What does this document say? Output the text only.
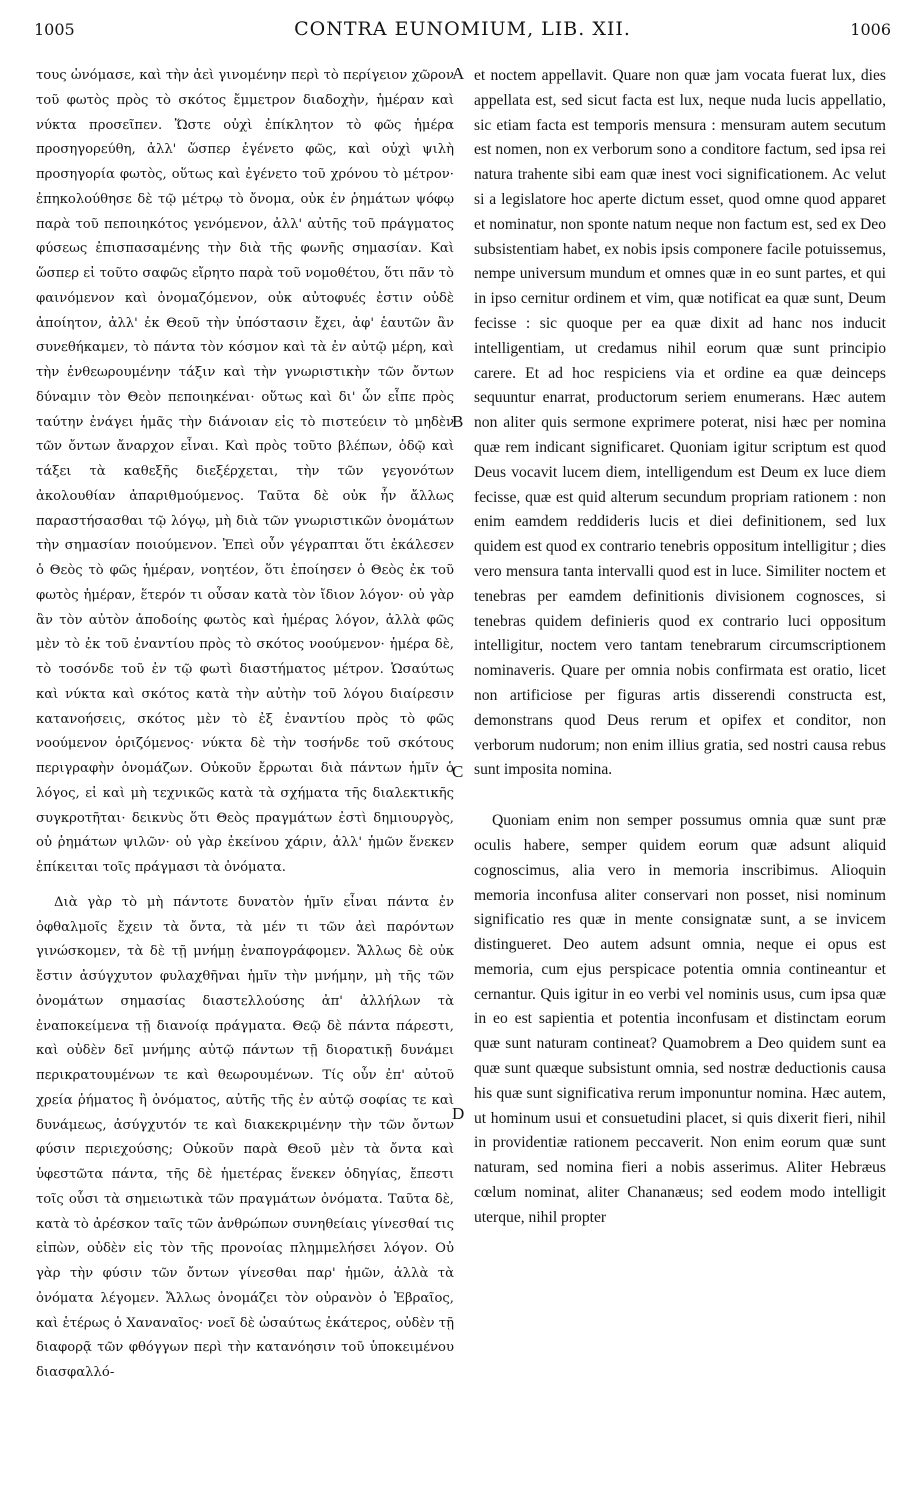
1005	CONTRA EUNOMIUM, LIB. XII.	1006

τους ὠνόμασε, καὶ τὴν ἀεὶ γινομένην περὶ τὸ περίγειον χῶρον τοῦ φωτὸς πρὸς τὸ σκότος ἔμμετρον διαδοχὴν, ἡμέραν καὶ νύκτα προσεῖπεν. Ὥστε οὐχὶ ἐπίκλητον τὸ φῶς ἡμέρα προσηγορεύθη, ἀλλ' ὥσπερ ἐγένετο φῶς, καὶ οὐχὶ ψιλὴ προσηγορία φωτὸς, οὕτως καὶ ἐγένετο τοῦ χρόνου τὸ μέτρον· ἐπηκολούθησε δὲ τῷ μέτρῳ τὸ ὄνομα, οὐκ ἐν ῥημάτων ψόφῳ παρὰ τοῦ πεποιηκότος γενόμενον, ἀλλ' αὐτῆς τοῦ πράγματος φύσεως ἐπισπασαμένης τὴν διὰ τῆς φωνῆς σημασίαν. Καὶ ὥσπερ εἰ τοῦτο σαφῶς εἴρητο παρὰ τοῦ νομοθέτου, ὅτι πᾶν τὸ φαινόμενον καὶ ὀνομαζόμενον, οὐκ αὐτοφυές ἐστιν οὐδὲ ἀποίητον, ἀλλ' ἐκ Θεοῦ τὴν ὑπόστασιν ἔχει, ἀφ' ἑαυτῶν ἂν συνεθήκαμεν, τὸ πάντα τὸν κόσμον καὶ τὰ ἐν αὐτῷ μέρη, καὶ τὴν ἐνθεωρουμένην τάξιν καὶ τὴν γνωριστικὴν τῶν ὄντων δύναμιν τὸν Θεὸν πεποιηκέναι· οὕτως καὶ δι' ὧν εἶπε πρὸς ταύτην ἐνάγει ἡμᾶς τὴν διάνοιαν εἰς τὸ πιστεύειν τὸ μηδὲν τῶν ὄντων ἄναρχον εἶναι. Καὶ πρὸς τοῦτο βλέπων, ὁδῷ καὶ τάξει τὰ καθεξῆς διεξέρχεται, τὴν τῶν γεγονότων ἀκολουθίαν ἀπαριθμούμενος. Ταῦτα δὲ οὐκ ἦν ἄλλως παραστήσασθαι τῷ λόγῳ, μὴ διὰ τῶν γνωριστικῶν ὀνομάτων τὴν σημασίαν ποιούμενον. Ἐπεὶ οὖν γέγραπται ὅτι ἐκάλεσεν ὁ Θεὸς τὸ φῶς ἡμέραν, νοητέον, ὅτι ἐποίησεν ὁ Θεὸς ἐκ τοῦ φωτὸς ἡμέραν, ἕτερόν τι οὖσαν κατὰ τὸν ἴδιον λόγον· οὐ γὰρ ἂν τὸν αὐτὸν ἀποδοίης φωτὸς καὶ ἡμέρας λόγον, ἀλλὰ φῶς μὲν τὸ ἐκ τοῦ ἐναντίου πρὸς τὸ σκότος νοούμενον· ἡμέρα δὲ, τὸ τοσόνδε τοῦ ἐν τῷ φωτὶ διαστήματος μέτρον. Ὡσαύτως καὶ νύκτα καὶ σκότος κατὰ τὴν αὐτὴν τοῦ λόγου διαίρεσιν κατανοήσεις, σκότος μὲν τὸ ἐξ ἐναντίου πρὸς τὸ φῶς νοούμενον ὁριζόμενος· νύκτα δὲ τὴν τοσήνδε τοῦ σκότους περιγραφὴν ὀνομάζων. Οὐκοῦν ἔρρωται διὰ πάντων ἡμῖν ὁ λόγος, εἰ καὶ μὴ τεχνικῶς κατὰ τὰ σχήματα τῆς διαλεκτικῆς συγκροτῆται· δεικνὺς ὅτι Θεὸς πραγμάτων ἐστὶ δημιουργὸς, οὐ ῥημάτων ψιλῶν· οὐ γὰρ ἐκείνου χάριν, ἀλλ' ἡμῶν ἕνεκεν ἐπίκειται τοῖς πράγμασι τὰ ὀνόματα.

Διὰ γὰρ τὸ μὴ πάντοτε δυνατὸν ἡμῖν εἶναι πάντα ἐν ὀφθαλμοῖς ἔχειν τὰ ὄντα, τὰ μέν τι τῶν ἀεὶ παρόντων γινώσκομεν, τὰ δὲ τῇ μνήμῃ ἐναπογράφομεν. Ἄλλως δὲ οὐκ ἔστιν ἀσύγχυτον φυλαχθῆναι ἡμῖν τὴν μνήμην, μὴ τῆς τῶν ὀνομάτων σημασίας διαστελλούσης ἀπ' ἀλλήλων τὰ ἐναποκείμενα τῇ διανοίᾳ πράγματα. Θεῷ δὲ πάντα πάρεστι, καὶ οὐδὲν δεῖ μνήμης αὐτῷ πάντων τῇ διορατικῇ δυνάμει περικρατουμένων τε καὶ θεωρουμένων. Τίς οὖν ἐπ' αὐτοῦ χρεία ῥήματος ἢ ὀνόματος, αὐτῆς τῆς ἐν αὐτῷ σοφίας τε καὶ δυνάμεως, ἀσύγχυτόν τε καὶ διακεκριμένην τὴν τῶν ὄντων φύσιν περιεχούσης; Οὐκοῦν παρὰ Θεοῦ μὲν τὰ ὄντα καὶ ὑφεστῶτα πάντα, τῆς δὲ ἡμετέρας ἕνεκεν ὁδηγίας, ἔπεστι τοῖς οὖσι τὰ σημειωτικὰ τῶν πραγμάτων ὀνόματα. Ταῦτα δὲ, κατὰ τὸ ἀρέσκον ταῖς τῶν ἀνθρώπων συνηθείαις γίνεσθαί τις εἰπὼν, οὐδὲν εἰς τὸν τῆς προνοίας πλημμελήσει λόγον. Οὐ γὰρ τὴν φύσιν τῶν ὄντων γίνεσθαι παρ' ἡμῶν, ἀλλὰ τὰ ὀνόματα λέγομεν. Ἄλλως ὀνομάζει τὸν οὐρανὸν ὁ Ἑβραῖος, καὶ ἑτέρως ὁ Χαναναῖος· νοεῖ δὲ ὡσαύτως ἑκάτερος, οὐδὲν τῇ διαφορᾷ τῶν φθόγγων περὶ τὴν κατανόησιν τοῦ ὑποκειμένου διασφαλλό-

A
B
C
D

et noctem appellavit. Quare non quæ jam vocata fuerat lux, dies appellata est, sed sicut facta est lux, neque nuda lucis appellatio, sic etiam facta est temporis mensura : mensuram autem secutum est nomen, non ex verborum sono a conditore factum, sed ipsa rei natura trahente sibi eam quæ inest voci significationem. Ac velut si a legislatore hoc aperte dictum esset, quod omne quod apparet et nominatur, non sponte natum neque non factum est, sed ex Deo subsistentiam habet, ex nobis ipsis componere facile potuissemus, nempe universum mundum et omnes quæ in eo sunt partes, et qui in ipso cernitur ordinem et vim, quæ notificat ea quæ sunt, Deum fecisse : sic quoque per ea quæ dixit ad hanc nos inducit intelligentiam, ut credamus nihil eorum quæ sunt principio carere. Et ad hoc respiciens via et ordine ea quæ deinceps sequuntur enarrat, productorum seriem enumerans. Hæc autem non aliter quis sermone exprimere poterat, nisi hæc per nomina quæ rem indicant significaret. Quoniam igitur scriptum est quod Deus vocavit lucem diem, intelligendum est Deum ex luce diem fecisse, quæ est quid alterum secundum propriam rationem : non enim eamdem reddideris lucis et diei definitionem, sed lux quidem est quod ex contrario tenebris oppositum intelligitur ; dies vero mensura tanta intervalli quod est in luce. Similiter noctem et tenebras per eamdem definitionis divisionem cognosces, si tenebras quidem definieris quod ex contrario luci oppositum intelligitur, noctem vero tantam tenebrarum circumscriptionem nominaveris. Quare per omnia nobis confirmata est oratio, licet non artificiose per figuras artis disserendi constructa est, demonstrans quod Deus rerum et opifex et conditor, non verborum nudorum; non enim illius gratia, sed nostri causa rebus sunt imposita nomina.

Quoniam enim non semper possumus omnia quæ sunt præ oculis habere, semper quidem eorum quæ adsunt aliquid cognoscimus, alia vero in memoria inscribimus. Alioquin memoria inconfusa aliter conservari non posset, nisi nominum significatio res quæ in mente consignatæ sunt, a se invicem distingueret. Deo autem adsunt omnia, neque ei opus est memoria, cum ejus perspicace potentia omnia contineantur et cernantur. Quis igitur in eo verbi vel nominis usus, cum ipsa quæ in eo est sapientia et potentia inconfusam et distinctam eorum quæ sunt naturam contineat? Quamobrem a Deo quidem sunt ea quæ sunt quæque subsistunt omnia, sed nostræ deductionis causa his quæ sunt significativa rerum imponuntur nomina. Hæc autem, ut hominum usui et consuetudini placet, si quis dixerit fieri, nihil in providentiæ rationem peccaverit. Non enim eorum quæ sunt naturam, sed nomina fieri a nobis asserimus. Aliter Hebræus cœlum nominat, aliter Chananæus; sed eodem modo intelligit uterque, nihil propter
